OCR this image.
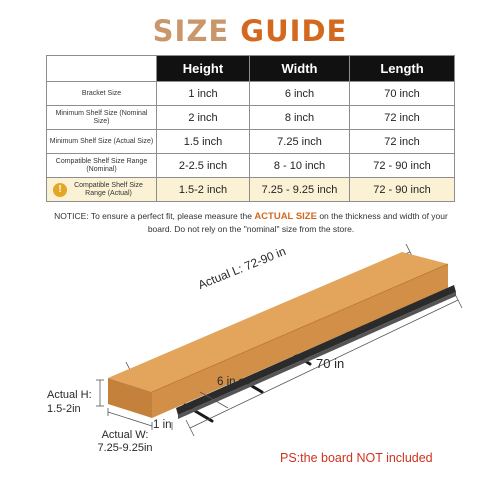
SIZE GUIDE
	Height	Width	Length
Bracket Size	1 inch	6 inch	70 inch
Minimum Shelf Size (Nominal Size)	2 inch	8 inch	72 inch
Minimum Shelf Size (Actual Size)	1.5 inch	7.25 inch	72 inch
Compatible Shelf Size Range (Nominal)	2-2.5 inch	8 - 10 inch	72 - 90 inch

! Compatible Shelf Size Range (Actual)	1.5-2 inch	7.25 - 9.25 inch	72 - 90 inch
NOTICE: To ensure a perfect fit, please measure the ACTUAL SIZE on the thickness and width of your board. Do not rely on the "nominal" size from the store.
Actual L: 72-90 in
70 in
6 in
1 in
Actual H:
1.5-2in
Actual W:
7.25-9.25in
PS:the board NOT included
